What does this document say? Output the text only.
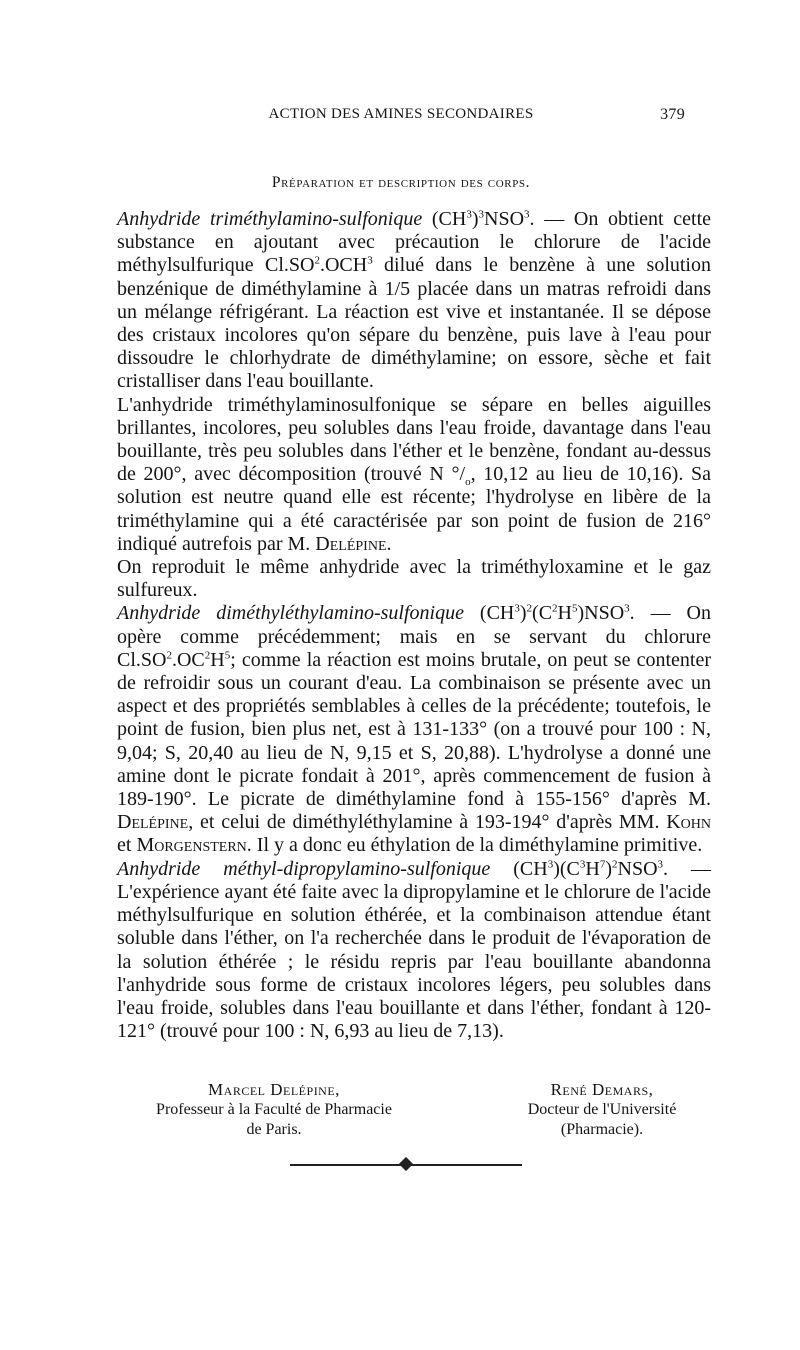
ACTION DES AMINES SECONDAIRES	379
Préparation et description des corps.

Anhydride triméthylamino-sulfonique $(CH^3)^3NSO^3$. — On obtient cette substance en ajoutant avec précaution le chlorure de l'acide méthylsulfurique $Cl.SO^2.OCH^3$ dilué dans le benzène à une solution benzénique de diméthylamine à 1/5 placée dans un matras refroidi dans un mélange réfrigérant. La réaction est vive et instantanée. Il se dépose des cristaux incolores qu'on sépare du benzène, puis lave à l'eau pour dissoudre le chlorhydrate de diméthylamine; on essore, sèche et fait cristalliser dans l'eau bouillante.

L'anhydride triméthylaminosulfonique se sépare en belles aiguilles brillantes, incolores, peu solubles dans l'eau froide, davantage dans l'eau bouillante, très peu solubles dans l'éther et le benzène, fondant au-dessus de 200°, avec décomposition (trouvé N $^\circ/_o$, 10,12 au lieu de 10,16). Sa solution est neutre quand elle est récente; l'hydrolyse en libère de la triméthylamine qui a été caractérisée par son point de fusion de 216° indiqué autrefois par M. Delépine.

On reproduit le même anhydride avec la triméthyloxamine et le gaz sulfureux.

Anhydride diméthyléthylamino-sulfonique $(CH^3)^2(C^2H^5)NSO^3$. — On opère comme précédemment; mais en se servant du chlorure $Cl.SO^2.OC^2H^5$; comme la réaction est moins brutale, on peut se contenter de refroidir sous un courant d'eau. La combinaison se présente avec un aspect et des propriétés semblables à celles de la précédente; toutefois, le point de fusion, bien plus net, est à 131-133° (on a trouvé pour 100 : N, 9,04; S, 20,40 au lieu de N, 9,15 et S, 20,88). L'hydrolyse a donné une amine dont le picrate fondait à 201°, après commencement de fusion à 189-190°. Le picrate de diméthylamine fond à 155-156° d'après M. Delépine, et celui de diméthyléthylamine à 193-194° d'après MM. Kohn et Morgenstern. Il y a donc eu éthylation de la diméthylamine primitive.

Anhydride méthyl-dipropylamino-sulfonique $(CH^3)(C^3H^7)^2NSO^3$. — L'expérience ayant été faite avec la dipropylamine et le chlorure de l'acide méthylsulfurique en solution éthérée, et la combinaison attendue étant soluble dans l'éther, on l'a recherchée dans le produit de l'évaporation de la solution éthérée ; le résidu repris par l'eau bouillante abandonna l'anhydride sous forme de cristaux incolores légers, peu solubles dans l'eau froide, solubles dans l'eau bouillante et dans l'éther, fondant à 120-121° (trouvé pour 100 : N, 6,93 au lieu de 7,13).

Marcel Delépine,
Professeur à la Faculté de Pharmacie
de Paris.
René Demars,
Docteur de l'Université
(Pharmacie).
